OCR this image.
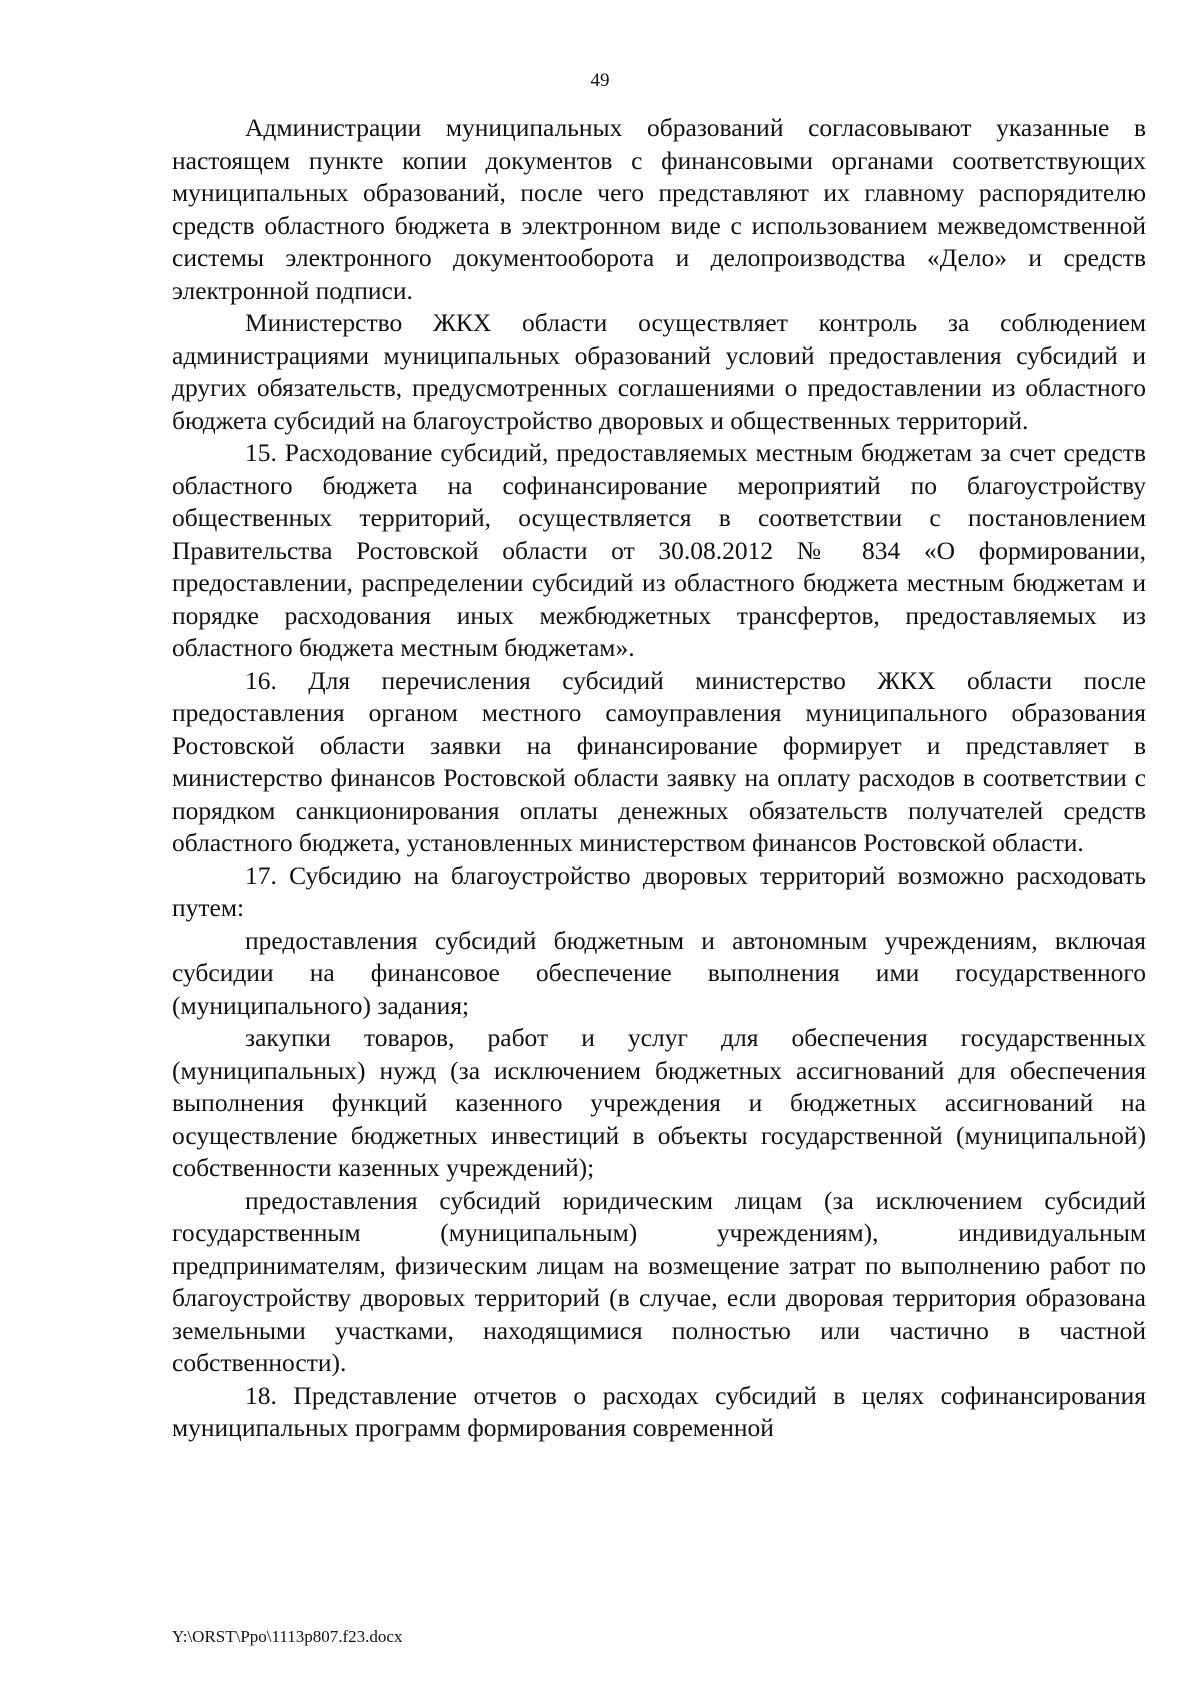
49

Администрации муниципальных образований согласовывают указанные в настоящем пункте копии документов с финансовыми органами соответствующих муниципальных образований, после чего представляют их главному распорядителю средств областного бюджета в электронном виде с использованием межведомственной системы электронного документооборота и делопроизводства «Дело» и средств электронной подписи.

Министерство ЖКХ области осуществляет контроль за соблюдением администрациями муниципальных образований условий предоставления субсидий и других обязательств, предусмотренных соглашениями о предоставлении из областного бюджета субсидий на благоустройство дворовых и общественных территорий.

15. Расходование субсидий, предоставляемых местным бюджетам за счет средств областного бюджета на софинансирование мероприятий по благоустройству общественных территорий, осуществляется в соответствии с постановлением Правительства Ростовской области от 30.08.2012 № 834 «О формировании, предоставлении, распределении субсидий из областного бюджета местным бюджетам и порядке расходования иных межбюджетных трансфертов, предоставляемых из областного бюджета местным бюджетам».

16. Для перечисления субсидий министерство ЖКХ области после предоставления органом местного самоуправления муниципального образования Ростовской области заявки на финансирование формирует и представляет в министерство финансов Ростовской области заявку на оплату расходов в соответствии с порядком санкционирования оплаты денежных обязательств получателей средств областного бюджета, установленных министерством финансов Ростовской области.

17. Субсидию на благоустройство дворовых территорий возможно расходовать путем:

предоставления субсидий бюджетным и автономным учреждениям, включая субсидии на финансовое обеспечение выполнения ими государственного (муниципального) задания;

закупки товаров, работ и услуг для обеспечения государственных (муниципальных) нужд (за исключением бюджетных ассигнований для обеспечения выполнения функций казенного учреждения и бюджетных ассигнований на осуществление бюджетных инвестиций в объекты государственной (муниципальной) собственности казенных учреждений);

предоставления субсидий юридическим лицам (за исключением субсидий государственным (муниципальным) учреждениям), индивидуальным предпринимателям, физическим лицам на возмещение затрат по выполнению работ по благоустройству дворовых территорий (в случае, если дворовая территория образована земельными участками, находящимися полностью или частично в частной собственности).

18. Представление отчетов о расходах субсидий в целях софинансирования муниципальных программ формирования современной

Y:\ORST\Ppo\1113p807.f23.docx
